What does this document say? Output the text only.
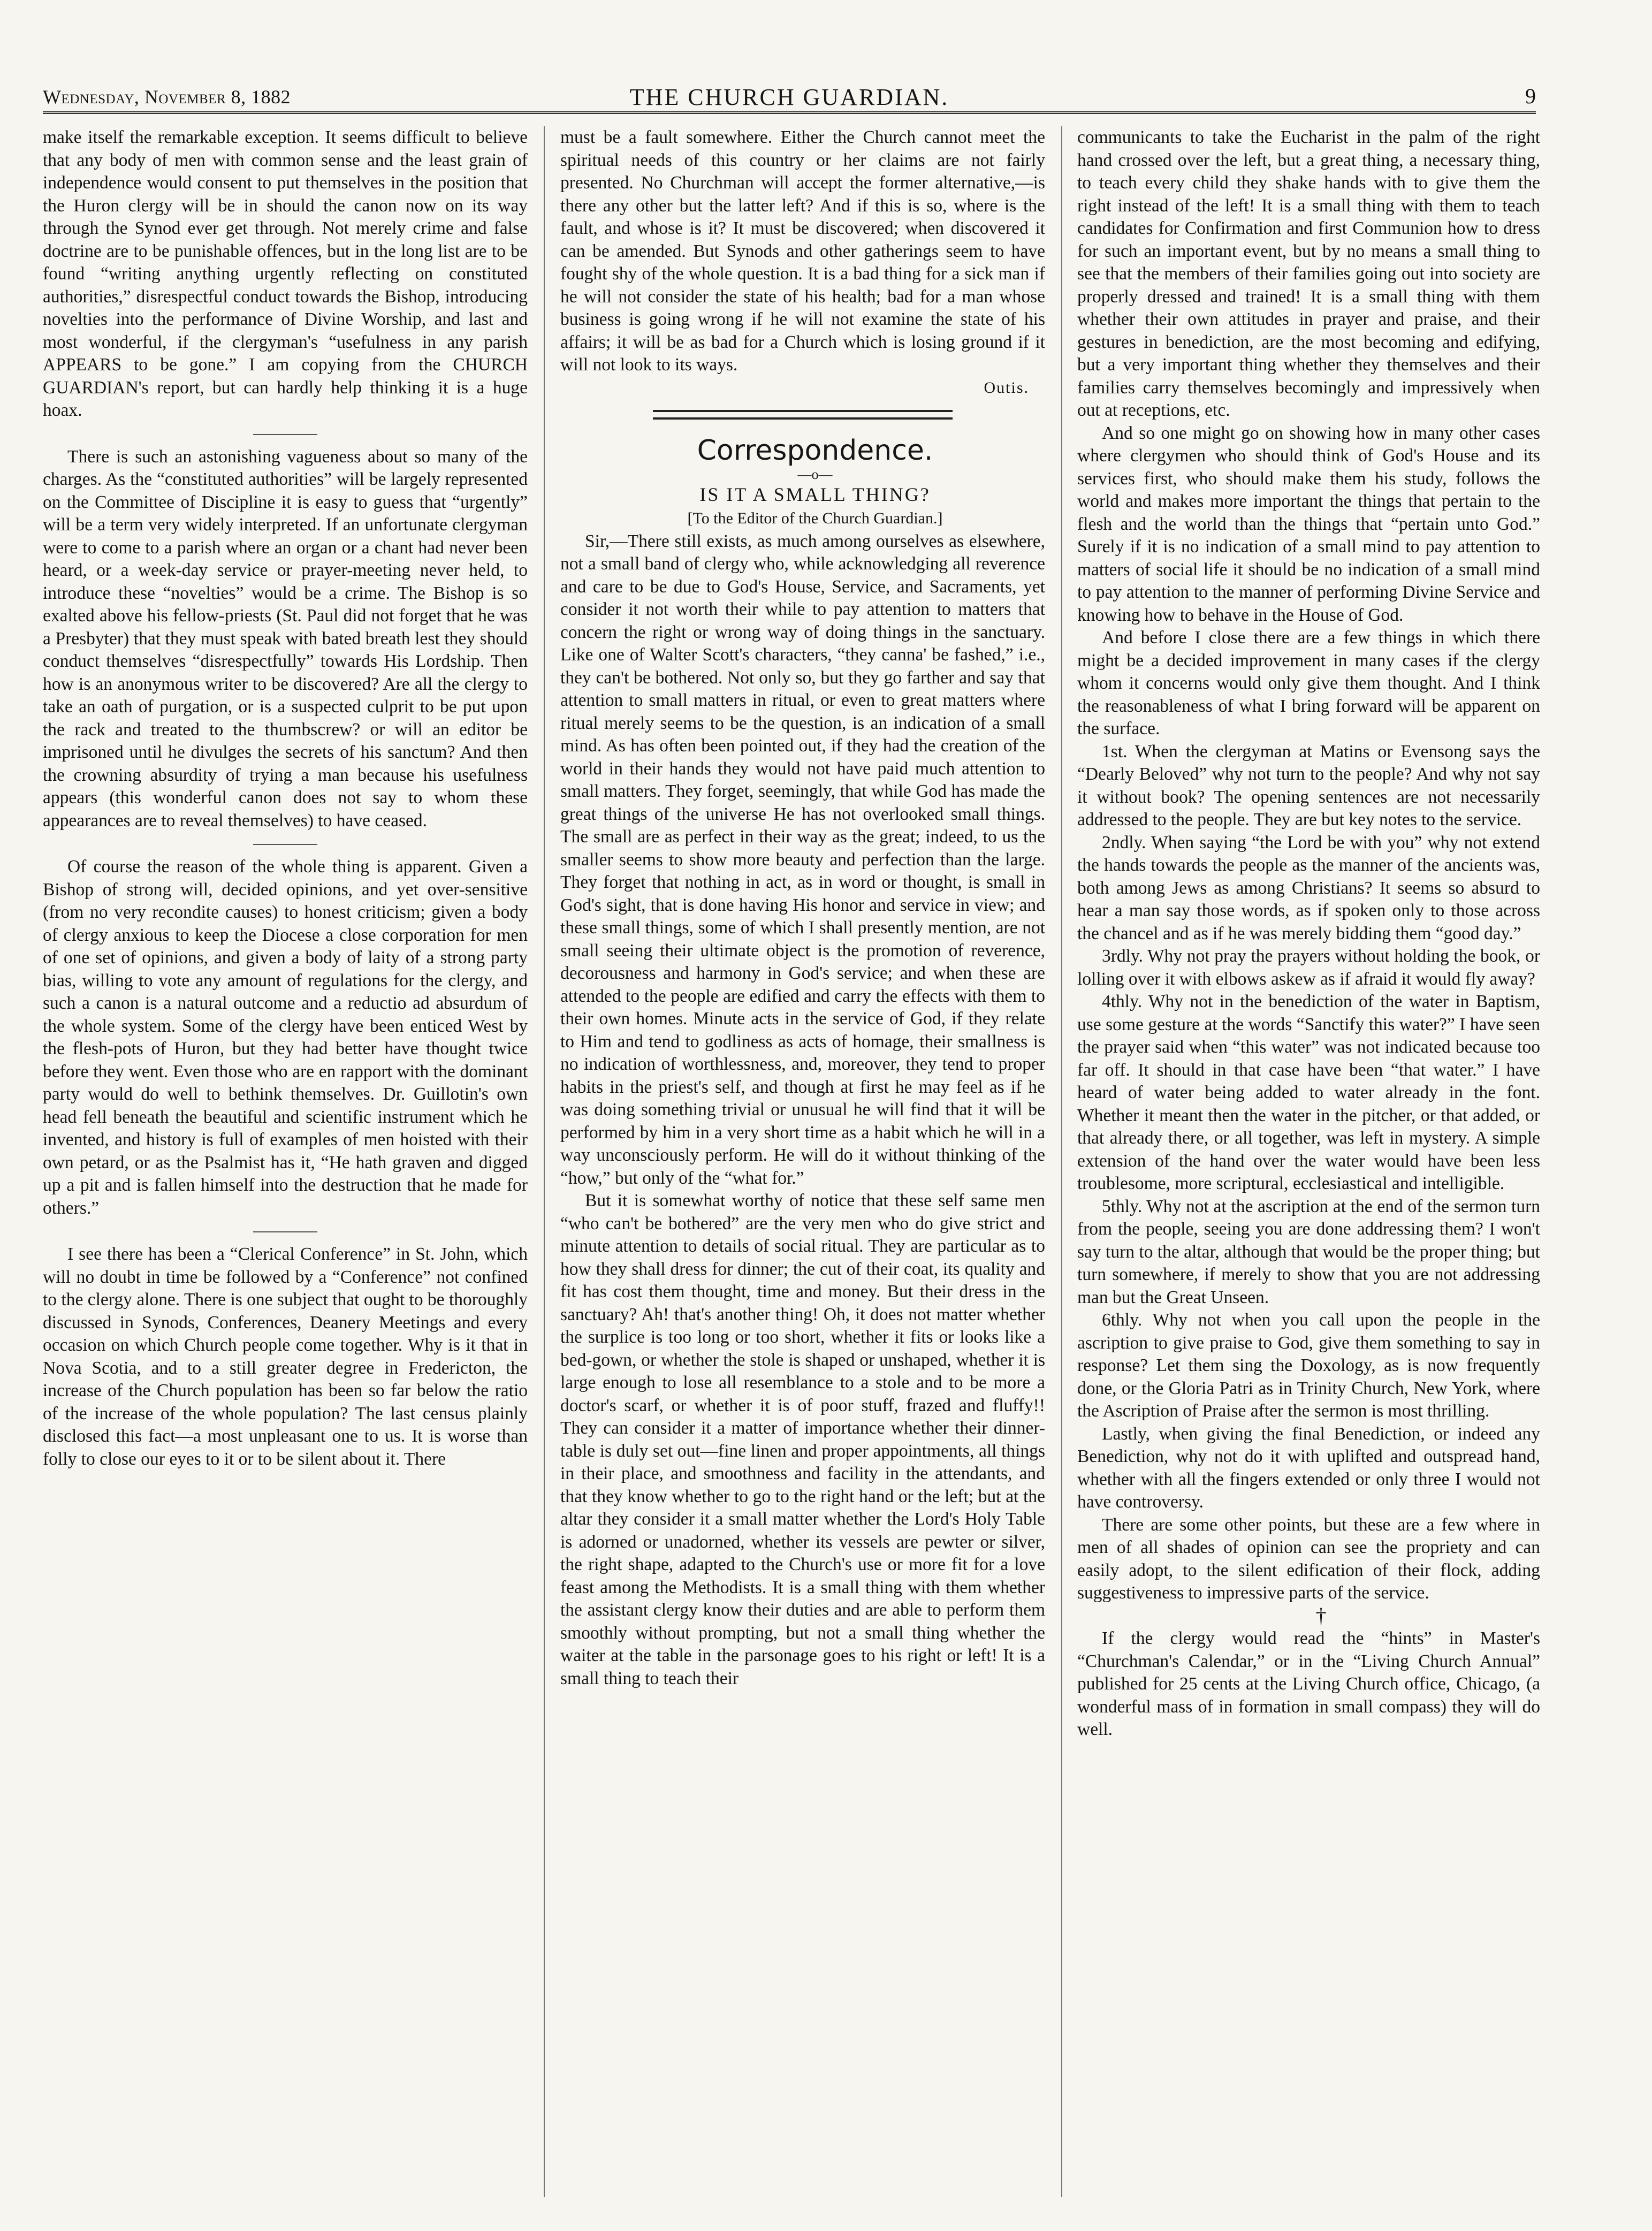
Wednesday, November 8, 1882	THE CHURCH GUARDIAN.	9

make itself the remarkable exception. It seems difficult to believe that any body of men with common sense and the least grain of independence would consent to put themselves in the position that the Huron clergy will be in should the canon now on its way through the Synod ever get through. Not merely crime and false doctrine are to be punishable offences, but in the long list are to be found “writing anything urgently reflecting on constituted authorities,” disrespectful conduct towards the Bishop, introducing novelties into the performance of Divine Worship, and last and most wonderful, if the clergyman's “usefulness in any parish APPEARS to be gone.” I am copying from the CHURCH GUARDIAN's report, but can hardly help thinking it is a huge hoax.

There is such an astonishing vagueness about so many of the charges. As the “constituted authorities” will be largely represented on the Committee of Discipline it is easy to guess that “urgently” will be a term very widely interpreted. If an unfortunate clergyman were to come to a parish where an organ or a chant had never been heard, or a week-day service or prayer-meeting never held, to introduce these “novelties” would be a crime. The Bishop is so exalted above his fellow-priests (St. Paul did not forget that he was a Presbyter) that they must speak with bated breath lest they should conduct themselves “disrespectfully” towards His Lordship. Then how is an anonymous writer to be discovered? Are all the clergy to take an oath of purgation, or is a suspected culprit to be put upon the rack and treated to the thumbscrew? or will an editor be imprisoned until he divulges the secrets of his sanctum? And then the crowning absurdity of trying a man because his usefulness appears (this wonderful canon does not say to whom these appearances are to reveal themselves) to have ceased.

Of course the reason of the whole thing is apparent. Given a Bishop of strong will, decided opinions, and yet over-sensitive (from no very recondite causes) to honest criticism; given a body of clergy anxious to keep the Diocese a close corporation for men of one set of opinions, and given a body of laity of a strong party bias, willing to vote any amount of regulations for the clergy, and such a canon is a natural outcome and a reductio ad absurdum of the whole system. Some of the clergy have been enticed West by the flesh-pots of Huron, but they had better have thought twice before they went. Even those who are en rapport with the dominant party would do well to bethink themselves. Dr. Guillotin's own head fell beneath the beautiful and scientific instrument which he invented, and history is full of examples of men hoisted with their own petard, or as the Psalmist has it, “He hath graven and digged up a pit and is fallen himself into the destruction that he made for others.”

I see there has been a “Clerical Conference” in St. John, which will no doubt in time be followed by a “Conference” not confined to the clergy alone. There is one subject that ought to be thoroughly discussed in Synods, Conferences, Deanery Meetings and every occasion on which Church people come together. Why is it that in Nova Scotia, and to a still greater degree in Fredericton, the increase of the Church population has been so far below the ratio of the increase of the whole population? The last census plainly disclosed this fact—a most unpleasant one to us. It is worse than folly to close our eyes to it or to be silent about it. There

must be a fault somewhere. Either the Church cannot meet the spiritual needs of this country or her claims are not fairly presented. No Churchman will accept the former alternative,—is there any other but the latter left? And if this is so, where is the fault, and whose is it? It must be discovered; when discovered it can be amended. But Synods and other gatherings seem to have fought shy of the whole question. It is a bad thing for a sick man if he will not consider the state of his health; bad for a man whose business is going wrong if he will not examine the state of his affairs; it will be as bad for a Church which is losing ground if it will not look to its ways.

Outis.

Correspondence.

—o—

IS IT A SMALL THING?

[To the Editor of the Church Guardian.]

Sir,—There still exists, as much among ourselves as elsewhere, not a small band of clergy who, while acknowledging all reverence and care to be due to God's House, Service, and Sacraments, yet consider it not worth their while to pay attention to matters that concern the right or wrong way of doing things in the sanctuary. Like one of Walter Scott's characters, “they canna' be fashed,” i.e., they can't be bothered. Not only so, but they go farther and say that attention to small matters in ritual, or even to great matters where ritual merely seems to be the question, is an indication of a small mind. As has often been pointed out, if they had the creation of the world in their hands they would not have paid much attention to small matters. They forget, seemingly, that while God has made the great things of the universe He has not overlooked small things. The small are as perfect in their way as the great; indeed, to us the smaller seems to show more beauty and perfection than the large. They forget that nothing in act, as in word or thought, is small in God's sight, that is done having His honor and service in view; and these small things, some of which I shall presently mention, are not small seeing their ultimate object is the promotion of reverence, decorousness and harmony in God's service; and when these are attended to the people are edified and carry the effects with them to their own homes. Minute acts in the service of God, if they relate to Him and tend to godliness as acts of homage, their smallness is no indication of worthlessness, and, moreover, they tend to proper habits in the priest's self, and though at first he may feel as if he was doing something trivial or unusual he will find that it will be performed by him in a very short time as a habit which he will in a way unconsciously perform. He will do it without thinking of the “how,” but only of the “what for.”

But it is somewhat worthy of notice that these self same men “who can't be bothered” are the very men who do give strict and minute attention to details of social ritual. They are particular as to how they shall dress for dinner; the cut of their coat, its quality and fit has cost them thought, time and money. But their dress in the sanctuary? Ah! that's another thing! Oh, it does not matter whether the surplice is too long or too short, whether it fits or looks like a bed-gown, or whether the stole is shaped or unshaped, whether it is large enough to lose all resemblance to a stole and to be more a doctor's scarf, or whether it is of poor stuff, frazed and fluffy!! They can consider it a matter of importance whether their dinner-table is duly set out—fine linen and proper appointments, all things in their place, and smoothness and facility in the attendants, and that they know whether to go to the right hand or the left; but at the altar they consider it a small matter whether the Lord's Holy Table is adorned or unadorned, whether its vessels are pewter or silver, the right shape, adapted to the Church's use or more fit for a love feast among the Methodists. It is a small thing with them whether the assistant clergy know their duties and are able to perform them smoothly without prompting, but not a small thing whether the waiter at the table in the parsonage goes to his right or left! It is a small thing to teach their

communicants to take the Eucharist in the palm of the right hand crossed over the left, but a great thing, a necessary thing, to teach every child they shake hands with to give them the right instead of the left! It is a small thing with them to teach candidates for Confirmation and first Communion how to dress for such an important event, but by no means a small thing to see that the members of their families going out into society are properly dressed and trained! It is a small thing with them whether their own attitudes in prayer and praise, and their gestures in benediction, are the most becoming and edifying, but a very important thing whether they themselves and their families carry themselves becomingly and impressively when out at receptions, etc.

And so one might go on showing how in many other cases where clergymen who should think of God's House and its services first, who should make them his study, follows the world and makes more important the things that pertain to the flesh and the world than the things that “pertain unto God.” Surely if it is no indication of a small mind to pay attention to matters of social life it should be no indication of a small mind to pay attention to the manner of performing Divine Service and knowing how to behave in the House of God.

And before I close there are a few things in which there might be a decided improvement in many cases if the clergy whom it concerns would only give them thought. And I think the reasonableness of what I bring forward will be apparent on the surface.

1st. When the clergyman at Matins or Evensong says the “Dearly Beloved” why not turn to the people? And why not say it without book? The opening sentences are not necessarily addressed to the people. They are but key notes to the service.

2ndly. When saying “the Lord be with you” why not extend the hands towards the people as the manner of the ancients was, both among Jews as among Christians? It seems so absurd to hear a man say those words, as if spoken only to those across the chancel and as if he was merely bidding them “good day.”

3rdly. Why not pray the prayers without holding the book, or lolling over it with elbows askew as if afraid it would fly away?

4thly. Why not in the benediction of the water in Baptism, use some gesture at the words “Sanctify this water?” I have seen the prayer said when “this water” was not indicated because too far off. It should in that case have been “that water.” I have heard of water being added to water already in the font. Whether it meant then the water in the pitcher, or that added, or that already there, or all together, was left in mystery. A simple extension of the hand over the water would have been less troublesome, more scriptural, ecclesiastical and intelligible.

5thly. Why not at the ascription at the end of the sermon turn from the people, seeing you are done addressing them? I won't say turn to the altar, although that would be the proper thing; but turn somewhere, if merely to show that you are not addressing man but the Great Unseen.

6thly. Why not when you call upon the people in the ascription to give praise to God, give them something to say in response? Let them sing the Doxology, as is now frequently done, or the Gloria Patri as in Trinity Church, New York, where the Ascription of Praise after the sermon is most thrilling.

Lastly, when giving the final Benediction, or indeed any Benediction, why not do it with uplifted and outspread hand, whether with all the fingers extended or only three I would not have controversy.

There are some other points, but these are a few where in men of all shades of opinion can see the propriety and can easily adopt, to the silent edification of their flock, adding suggestiveness to impressive parts of the service.

†

If the clergy would read the “hints” in Master's “Churchman's Calendar,” or in the “Living Church Annual” published for 25 cents at the Living Church office, Chicago, (a wonderful mass of in formation in small compass) they will do well.
